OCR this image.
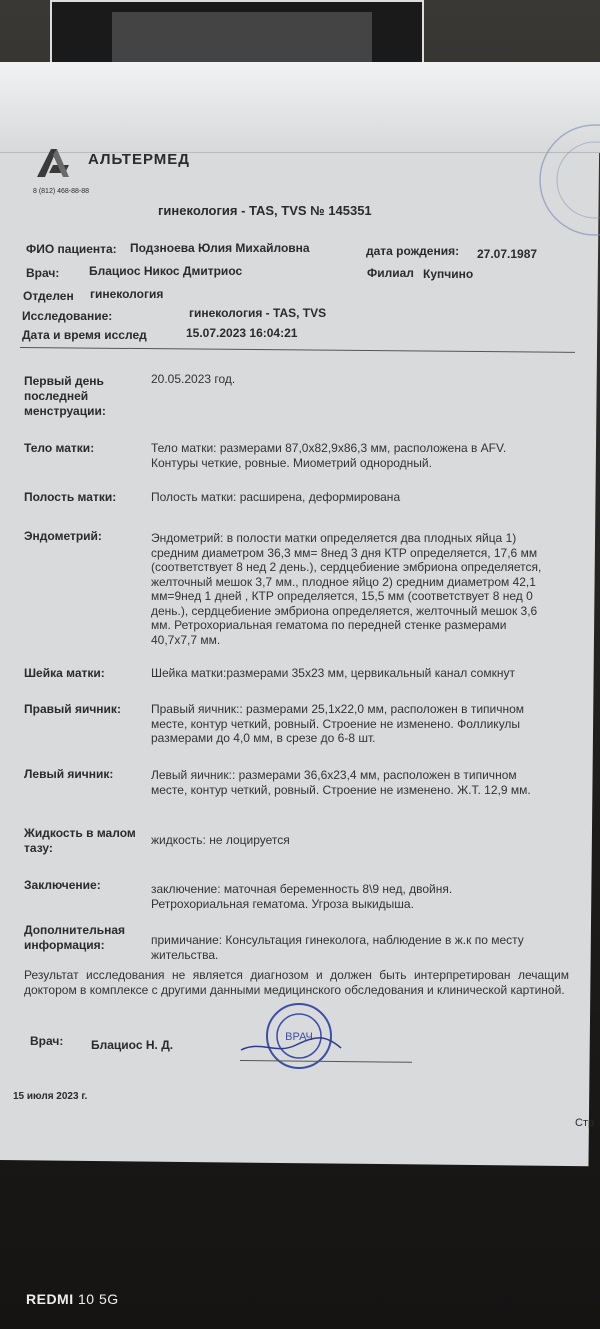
АЛЬТЕРМЕД
8 (812) 468-88-88
гинекология - TAS, TVS № 145351
ФИО пациента: Подзноева Юлия Михайловна	дата рождения: 27.07.1987
Врач: Блациос Никос Дмитриос	Филиал Купчино
Отделен гинекология
Исследование:	гинекология - TAS, TVS
Дата и время исслед	15.07.2023 16:04:21
Первый день последней менструации:
20.05.2023 год.
Тело матки:	Тело матки: размерами 87,0x82,9x86,3 мм, расположена в AFV. Контуры четкие, ровные. Миометрий однородный.
Полость матки:	Полость матки: расширена, деформирована
Эндометрий:	Эндометрий: в полости матки определяется два плодных яйца 1) средним диаметром 36,3 мм= 8нед 3 дня КТР определяется, 17,6 мм (соответствует 8 нед 2 день.), сердцебиение эмбриона определяется, желточный мешок 3,7 мм., плодное яйцо 2) средним диаметром 42,1 мм=9нед 1 дней , КТР определяется, 15,5 мм (соответствует 8 нед 0 день.), сердцебиение эмбриона определяется, желточный мешок 3,6 мм. Ретрохориальная гематома по передней стенке размерами 40,7x7,7 мм.
Шейка матки:	Шейка матки:размерами 35x23 мм, цервикальный канал сомкнут
Правый яичник:	Правый яичник:: размерами 25,1x22,0 мм, расположен в типичном месте, контур четкий, ровный. Строение не изменено. Фолликулы размерами до 4,0 мм, в срезе до 6-8 шт.
Левый яичник:	Левый яичник:: размерами 36,6x23,4 мм, расположен в типичном месте, контур четкий, ровный. Строение не изменено. Ж.Т. 12,9 мм.
Жидкость в малом тазу:
жидкость: не лоцируется
Заключение:	заключение: маточная беременность 8\9 нед, двойня. Ретрохориальная гематома. Угроза выкидыша.
Дополнительная информация:	примичание: Консультация гинеколога, наблюдение в ж.к по месту жительства.
Результат исследования не является диагнозом и должен быть интерпретирован лечащим доктором в комплексе с другими данными медицинского обследования и клинической картиной.
Врач: Блациос Н. Д.
ВРАЧ
15 июля 2023 г.
Стр
REDMI 10 5G
